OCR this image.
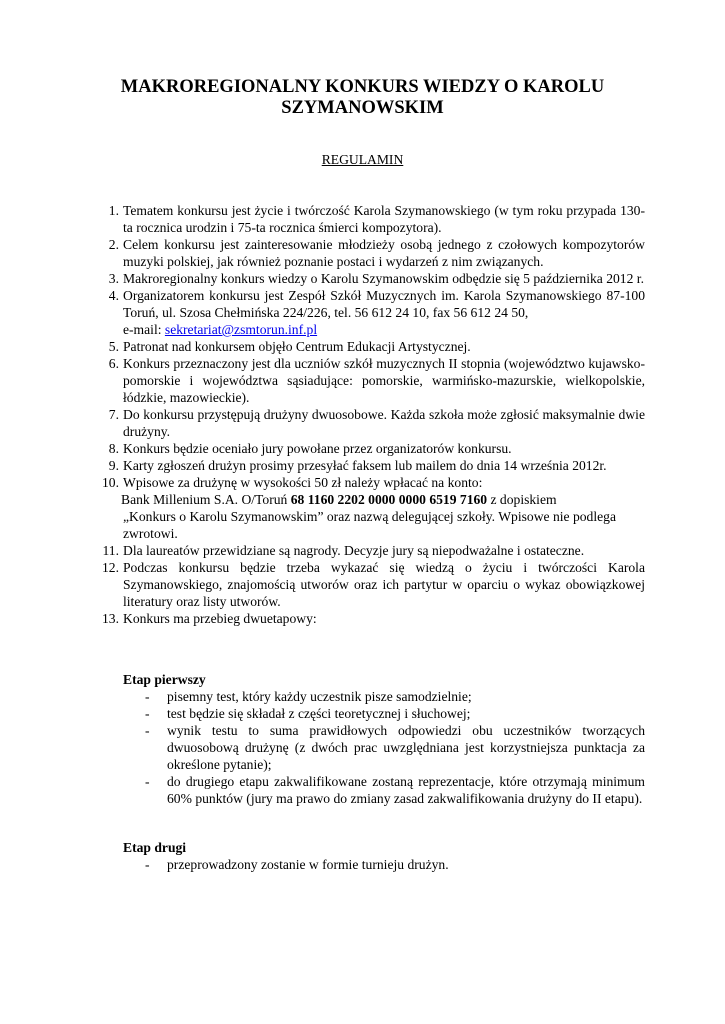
MAKROREGIONALNY KONKURS WIEDZY O KAROLU
SZYMANOWSKIM
REGULAMIN
1. Tematem konkursu jest życie i twórczość Karola Szymanowskiego (w tym roku przypada 130-ta rocznica urodzin i 75-ta rocznica śmierci kompozytora).
2. Celem konkursu jest zainteresowanie młodzieży osobą jednego z czołowych kompozytorów muzyki polskiej, jak również poznanie postaci i wydarzeń z nim związanych.
3. Makroregionalny konkurs wiedzy o Karolu Szymanowskim odbędzie się 5 października 2012 r.
4. Organizatorem konkursu jest Zespół Szkół Muzycznych im. Karola Szymanowskiego 87-100 Toruń, ul. Szosa Chełmińska 224/226, tel. 56 612 24 10, fax 56 612 24 50,
e-mail: sekretariat@zsmtorun.inf.pl
5. Patronat nad konkursem objęło Centrum Edukacji Artystycznej.
6. Konkurs przeznaczony jest dla uczniów szkół muzycznych II stopnia (województwo kujawsko-pomorskie i województwa sąsiadujące: pomorskie, warmińsko-mazurskie, wielkopolskie, łódzkie, mazowieckie).
7. Do konkursu przystępują drużyny dwuosobowe. Każda szkoła może zgłosić maksymalnie dwie drużyny.
8. Konkurs będzie oceniało jury powołane przez organizatorów konkursu.
9. Karty zgłoszeń drużyn prosimy przesyłać faksem lub mailem do dnia 14 września 2012r.
10. Wpisowe za drużynę w wysokości 50 zł należy wpłacać na konto:
Bank Millenium S.A. O/Toruń 68 1160 2202 0000 0000 6519 7160 z dopiskiem
„Konkurs o Karolu Szymanowskim” oraz nazwą delegującej szkoły. Wpisowe nie podlega zwrotowi.
11. Dla laureatów przewidziane są nagrody. Decyzje jury są niepodważalne i ostateczne.
12. Podczas konkursu będzie trzeba wykazać się wiedzą o życiu i twórczości Karola Szymanowskiego, znajomością utworów oraz ich partytur w oparciu o wykaz obowiązkowej literatury oraz listy utworów.
13. Konkurs ma przebieg dwuetapowy:
Etap pierwszy
- pisemny test, który każdy uczestnik pisze samodzielnie;
- test będzie się składał z części teoretycznej i słuchowej;
- wynik testu to suma prawidłowych odpowiedzi obu uczestników tworzących dwuosobową drużynę (z dwóch prac uwzględniana jest korzystniejsza punktacja za określone pytanie);
- do drugiego etapu zakwalifikowane zostaną reprezentacje, które otrzymają minimum 60% punktów (jury ma prawo do zmiany zasad zakwalifikowania drużyny do II etapu).
Etap drugi
- przeprowadzony zostanie w formie turnieju drużyn.
